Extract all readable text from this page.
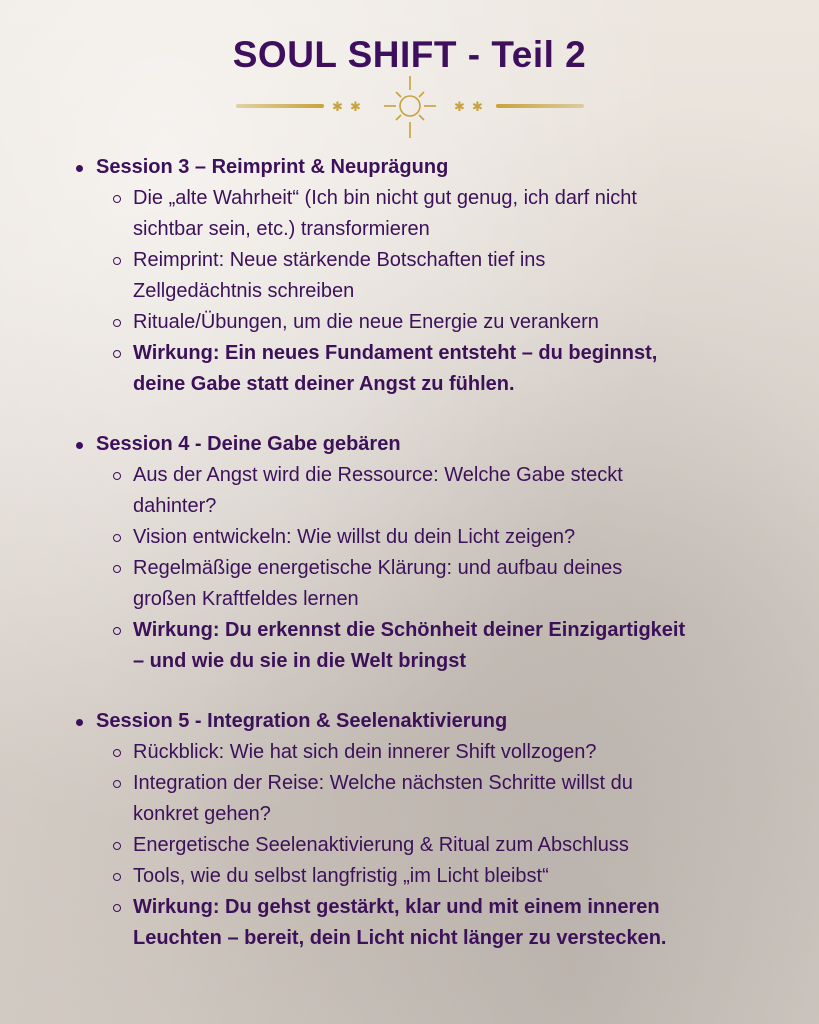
SOUL SHIFT - Teil 2
✱ ✱	✱ ✱
Session 3 – Reimprint & Neuprägung
Die „alte Wahrheit“ (Ich bin nicht gut genug, ich darf nicht
sichtbar sein, etc.) transformieren
Reimprint: Neue stärkende Botschaften tief ins
Zellgedächtnis schreiben
Rituale/Übungen, um die neue Energie zu verankern
Wirkung: Ein neues Fundament entsteht – du beginnst,
deine Gabe statt deiner Angst zu fühlen.
Session 4 - Deine Gabe gebären
Aus der Angst wird die Ressource: Welche Gabe steckt
dahinter?
Vision entwickeln: Wie willst du dein Licht zeigen?
Regelmäßige energetische Klärung: und aufbau deines
großen Kraftfeldes lernen
Wirkung: Du erkennst die Schönheit deiner Einzigartigkeit
– und wie du sie in die Welt bringst
Session 5 - Integration & Seelenaktivierung
Rückblick: Wie hat sich dein innerer Shift vollzogen?
Integration der Reise: Welche nächsten Schritte willst du
konkret gehen?
Energetische Seelenaktivierung & Ritual zum Abschluss
Tools, wie du selbst langfristig „im Licht bleibst“
Wirkung: Du gehst gestärkt, klar und mit einem inneren
Leuchten – bereit, dein Licht nicht länger zu verstecken.
